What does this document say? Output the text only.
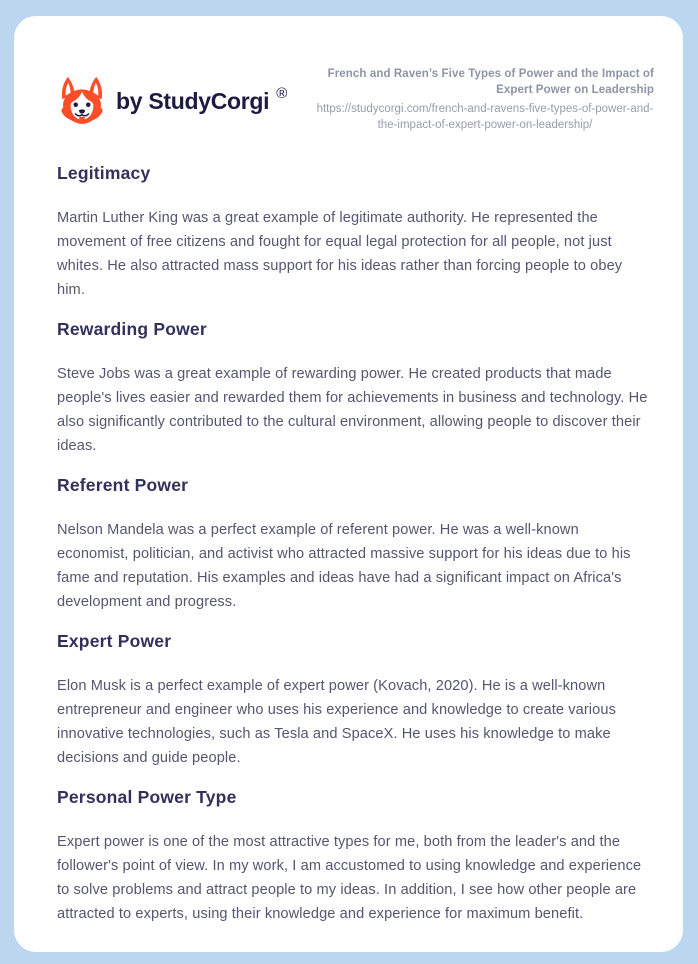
by StudyCorgi ®
French and Raven’s Five Types of Power and the Impact of Expert Power on Leadership
https://studycorgi.com/french-and-ravens-five-types-of-power-and-the-impact-of-expert-power-on-leadership/
Legitimacy

Martin Luther King was a great example of legitimate authority. He represented the movement of free citizens and fought for equal legal protection for all people, not just whites. He also attracted mass support for his ideas rather than forcing people to obey him.

Rewarding Power

Steve Jobs was a great example of rewarding power. He created products that made people's lives easier and rewarded them for achievements in business and technology. He also significantly contributed to the cultural environment, allowing people to discover their ideas.

Referent Power

Nelson Mandela was a perfect example of referent power. He was a well-known economist, politician, and activist who attracted massive support for his ideas due to his fame and reputation. His examples and ideas have had a significant impact on Africa's development and progress.

Expert Power

Elon Musk is a perfect example of expert power (Kovach, 2020). He is a well-known entrepreneur and engineer who uses his experience and knowledge to create various innovative technologies, such as Tesla and SpaceX. He uses his knowledge to make decisions and guide people.

Personal Power Type

Expert power is one of the most attractive types for me, both from the leader's and the follower's point of view. In my work, I am accustomed to using knowledge and experience to solve problems and attract people to my ideas. In addition, I see how other people are attracted to experts, using their knowledge and experience for maximum benefit.
